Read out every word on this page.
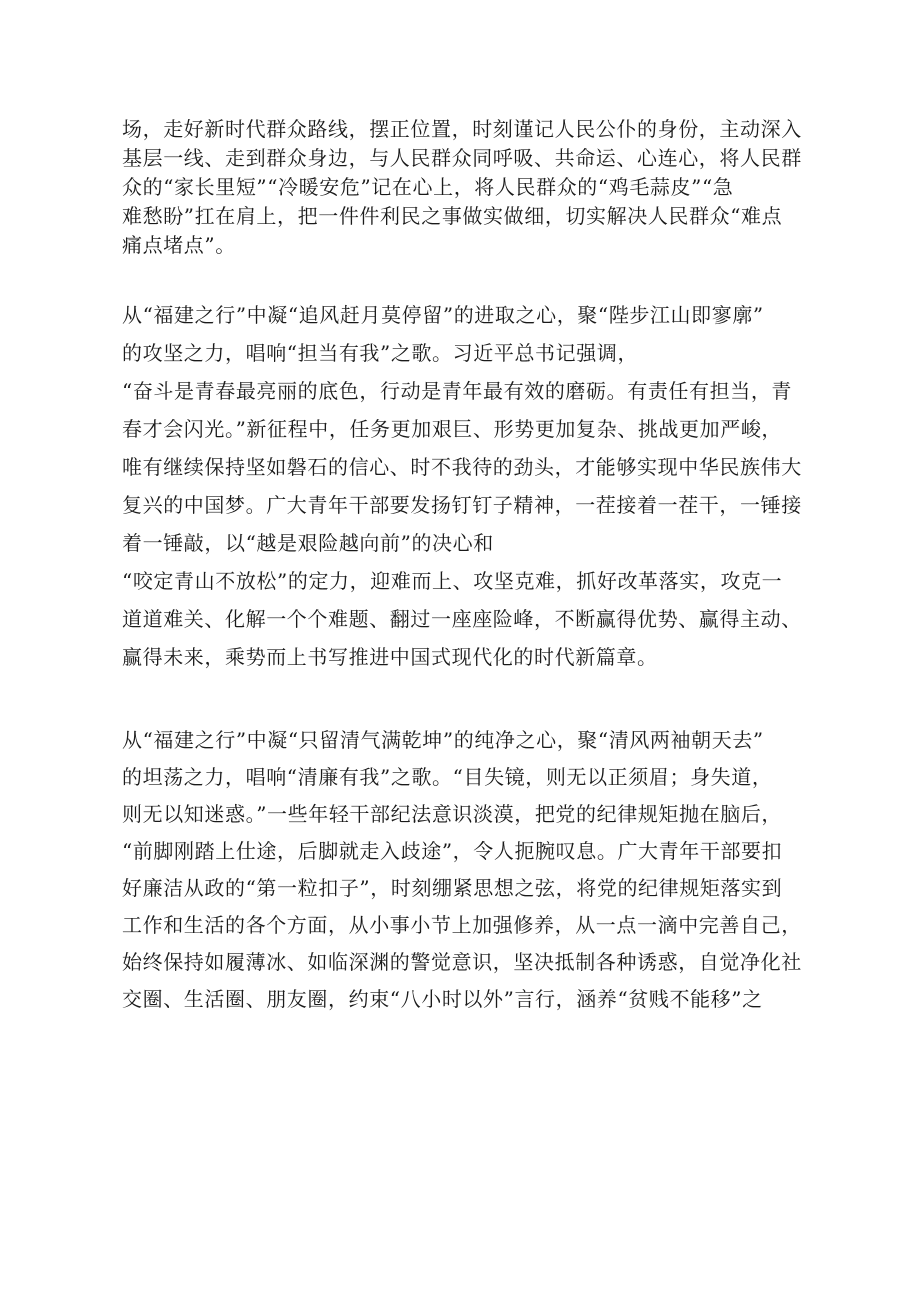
场，走好新时代群众路线，摆正位置，时刻谨记人民公仆的身份，主动深入
基层一线、走到群众身边，与人民群众同呼吸、共命运、心连心，将人民群
众的“家长里短”“冷暖安危”记在心上，将人民群众的“鸡毛蒜皮”“急
难愁盼”扛在肩上，把一件件利民之事做实做细，切实解决人民群众“难点
痛点堵点”。
从“福建之行”中凝“追风赶月莫停留”的进取之心，聚“陛步江山即寥廓”
的攻坚之力，唱响“担当有我”之歌。习近平总书记强调，
“奋斗是青春最亮丽的底色，行动是青年最有效的磨砺。有责任有担当，青
春才会闪光。”新征程中，任务更加艰巨、形势更加复杂、挑战更加严峻，
唯有继续保持坚如磐石的信心、时不我待的劲头，才能够实现中华民族伟大
复兴的中国梦。广大青年干部要发扬钉钉子精神，一茬接着一茬干，一锤接
着一锤敲，以“越是艰险越向前”的决心和
“咬定青山不放松”的定力，迎难而上、攻坚克难，抓好改革落实，攻克一
道道难关、化解一个个难题、翻过一座座险峰，不断赢得优势、赢得主动、
赢得未来，乘势而上书写推进中国式现代化的时代新篇章。
从“福建之行”中凝“只留清气满乾坤”的纯净之心，聚“清风两袖朝天去”
的坦荡之力，唱响“清廉有我”之歌。“目失镜，则无以正须眉；身失道，
则无以知迷惑。”一些年轻干部纪法意识淡漠，把党的纪律规矩抛在脑后，
“前脚刚踏上仕途，后脚就走入歧途”，令人扼腕叹息。广大青年干部要扣
好廉洁从政的“第一粒扣子”，时刻绷紧思想之弦，将党的纪律规矩落实到
工作和生活的各个方面，从小事小节上加强修养，从一点一滴中完善自己，
始终保持如履薄冰、如临深渊的警觉意识，坚决抵制各种诱惑，自觉净化社
交圈、生活圈、朋友圈，约束“八小时以外”言行，涵养“贫贱不能移”之
